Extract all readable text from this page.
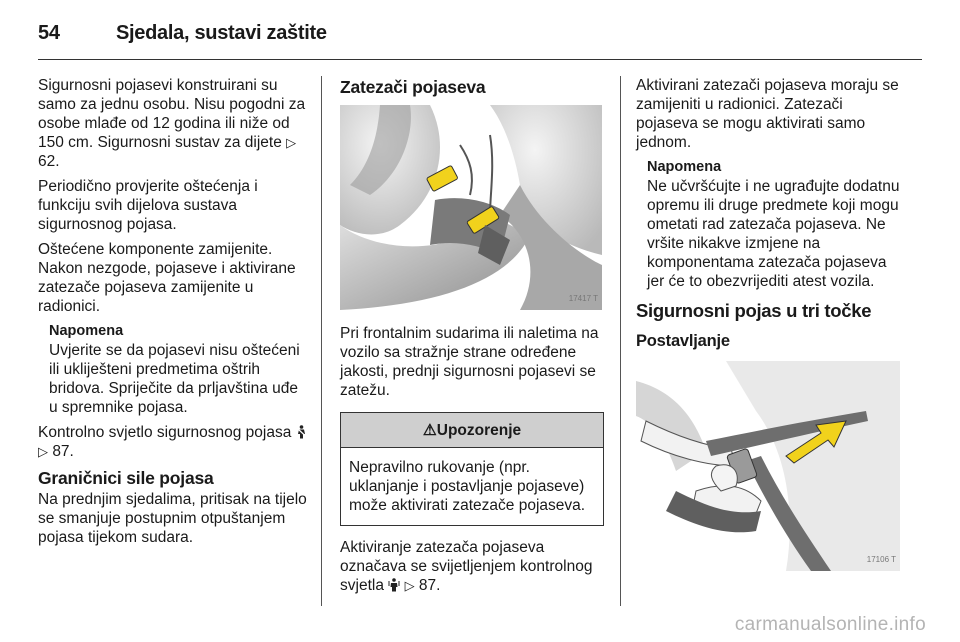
54	Sjedala, sustavi zaštite

Sigurnosni pojasevi konstruirani su samo za jednu osobu. Nisu pogodni za osobe mlađe od 12 godina ili niže od 150 cm. Sigurnosni sustav za dijete ▷ 62.

Periodično provjerite oštećenja i funkciju svih dijelova sustava sigurnosnog pojasa.

Oštećene komponente zamijenite. Nakon nezgode, pojaseve i aktivirane zatezače pojaseva zamijenite u radionici.

Napomena

Uvjerite se da pojasevi nisu oštećeni ili ukliješteni predmetima oštrih bridova. Spriječite da prljavština uđe u spremnike pojasa.

Kontrolno svjetlo sigurnosnog pojasa  ▷ 87.

Graničnici sile pojasa

Na prednjim sjedalima, pritisak na tijelo se smanjuje postupnim otpuštanjem pojasa tijekom sudara.

Zatezači pojaseva

17417 T

Pri frontalnim sudarima ili naletima na vozilo sa stražnje strane određene jakosti, prednji sigurnosni pojasevi se zatežu.

⚠Upozorenje
Nepravilno rukovanje (npr. uklanjanje i postavljanje pojaseve) može aktivirati zatezače pojaseva.

Aktiviranje zatezača pojaseva označava se svijetljenjem kontrolnog svjetla ▷ 87.

Aktivirani zatezači pojaseva moraju se zamijeniti u radionici. Zatezači pojaseva se mogu aktivirati samo jednom.

Napomena

Ne učvršćujte i ne ugrađujte dodatnu opremu ili druge predmete koji mogu ometati rad zatezača pojaseva. Ne vršite nikakve izmjene na komponentama zatezača pojaseva jer će to obezvrijediti atest vozila.

Sigurnosni pojas u tri točke

Postavljanje

17106 T
carmanualsonline.info
